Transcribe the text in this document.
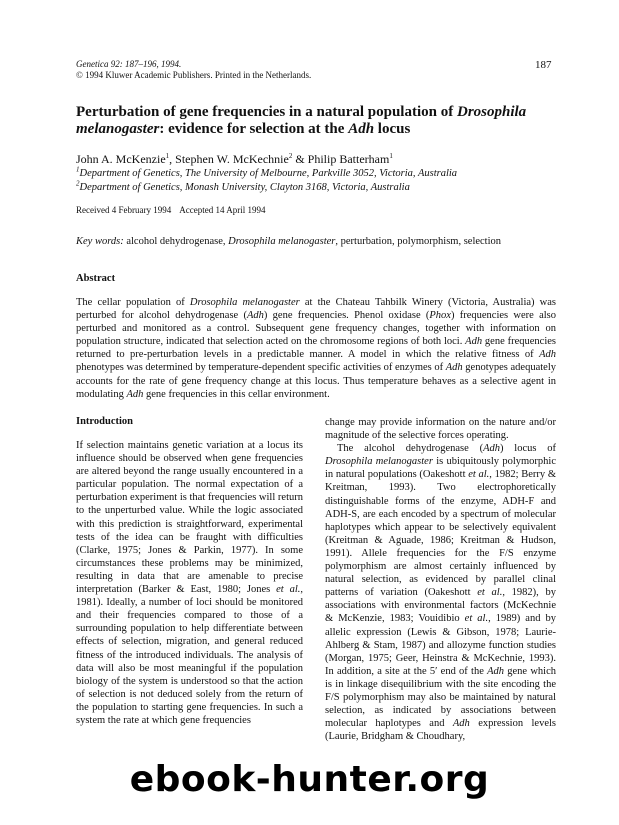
Genetica 92: 187–196, 1994.
© 1994 Kluwer Academic Publishers. Printed in the Netherlands.
187
Perturbation of gene frequencies in a natural population of Drosophila melanogaster: evidence for selection at the Adh locus
John A. McKenzie$^1$, Stephen W. McKechnie$^2$ & Philip Batterham$^1$
$^1$Department of Genetics, The University of Melbourne, Parkville 3052, Victoria, Australia
$^2$Department of Genetics, Monash University, Clayton 3168, Victoria, Australia
Received 4 February 1994 Accepted 14 April 1994
Key words: alcohol dehydrogenase, Drosophila melanogaster, perturbation, polymorphism, selection
Abstract

The cellar population of Drosophila melanogaster at the Chateau Tahbilk Winery (Victoria, Australia) was perturbed for alcohol dehydrogenase (Adh) gene frequencies. Phenol oxidase (Phox) frequencies were also perturbed and monitored as a control. Subsequent gene frequency changes, together with information on population structure, indicated that selection acted on the chromosome regions of both loci. Adh gene frequencies returned to pre-perturbation levels in a predictable manner. A model in which the relative fitness of Adh phenotypes was determined by temperature-dependent specific activities of enzymes of Adh genotypes adequately accounts for the rate of gene frequency change at this locus. Thus temperature behaves as a selective agent in modulating Adh gene frequencies in this cellar environment.

Introduction

If selection maintains genetic variation at a locus its influence should be observed when gene frequencies are altered beyond the range usually encountered in a particular population. The normal expectation of a perturbation experiment is that frequencies will return to the unperturbed value. While the logic associated with this prediction is straightforward, experimental tests of the idea can be fraught with difficulties (Clarke, 1975; Jones & Parkin, 1977). In some circumstances these problems may be minimized, resulting in data that are amenable to precise interpretation (Barker & East, 1980; Jones et al., 1981). Ideally, a number of loci should be monitored and their frequencies compared to those of a surrounding population to help differentiate between effects of selection, migration, and general reduced fitness of the introduced individuals. The analysis of data will also be most meaningful if the population biology of the system is understood so that the action of selection is not deduced solely from the return of the population to starting gene frequencies. In such a system the rate at which gene frequencies

change may provide information on the nature and/or magnitude of the selective forces operating.

The alcohol dehydrogenase (Adh) locus of Drosophila melanogaster is ubiquitously polymorphic in natural populations (Oakeshott et al., 1982; Berry & Kreitman, 1993). Two electrophoretically distinguishable forms of the enzyme, ADH-F and ADH-S, are each encoded by a spectrum of molecular haplotypes which appear to be selectively equivalent (Kreitman & Aguade, 1986; Kreitman & Hudson, 1991). Allele frequencies for the F/S enzyme polymorphism are almost certainly influenced by natural selection, as evidenced by parallel clinal patterns of variation (Oakeshott et al., 1982), by associations with environmental factors (McKechnie & McKenzie, 1983; Vouidibio et al., 1989) and by allelic expression (Lewis & Gibson, 1978; Laurie-Ahlberg & Stam, 1987) and allozyme function studies (Morgan, 1975; Geer, Heinstra & McKechnie, 1993). In addition, a site at the 5′ end of the Adh gene which is in linkage disequilibrium with the site encoding the F/S polymorphism may also be maintained by natural selection, as indicated by associations between molecular haplotypes and Adh expression levels (Laurie, Bridgham & Choudhary,

ebook-hunter.org
